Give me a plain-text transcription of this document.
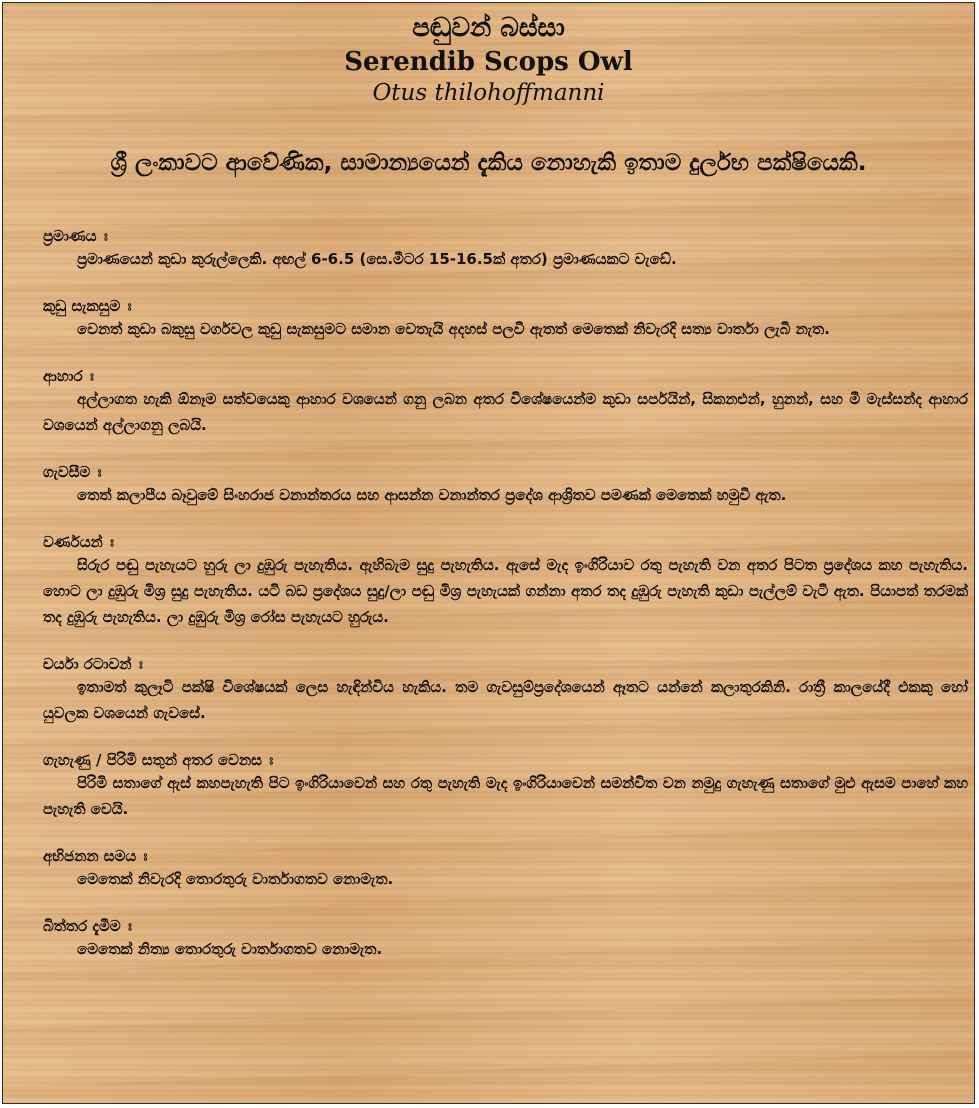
පඬුවන් බස්සා
Serendib Scops Owl
Otus thilohoffmanni
ශ්‍රී ලංකාවට ආවේණික, සාමාන්‍යයෙන් දැකිය නොහැකි ඉතාම දුර්ලභ පක්ෂියෙකි.
ප්‍රමාණය ඃ
ප්‍රමාණයෙන් කුඩා කුරුල්ලෙකි. අඟල් 6-6.5 (සෙ.මීටර 15-16.5ක් අතර) ප්‍රමාණයකට වැඩේ.
කුඩු සැකසුම ඃ
වෙනත් කුඩා බකුසු වර්ගවල කුඩු සැකසුමට සමාන වෙතැයි අදහස් පලවී ඇතත් මෙතෙක් නිවැරදි සත්‍ය වාර්තා ලැබී නැත.
ආහාර ඃ
අල්ලාගත හැකි ඕනෑම සත්වයෙකු ආහාර වශයෙන් ගනු ලබන අතර විශේෂයෙන්ම කුඩා සර්පයින්, සිකනළුන්, හුනන්, සහ මී මැස්සන්ද ආහාර වශයෙන් අල්ලාගනු ලබයි.
ගැවසීම ඃ
තෙත් කලාපීය බෑවුමේ සිංහරාජ වනාන්තරය සහ ආසන්න වනාන්තර ප්‍රදේශ ආශ්‍රිතව පමණක් මෙතෙක් හමුවී ඇත.
වර්ණයන් ඃ
සිරුර පඬු පැහැයට හුරු ලා දුඹුරු පැහැතිය. ඇහිබැම සුදු පැහැතිය. ඇසේ මැද ඉංගිරියාව රතු පැහැති වන අතර පිටත ප්‍රදේශය කහ පැහැතිය. හොට ලා දුඹුරු මිශ්‍ර සුදු පැහැතිය. යටි බඩ ප්‍රදේශය සුදු/ලා පඬු මිශ්‍ර පැහැයක් ගන්නා අතර තද දුඹුරු පැහැති කුඩා පැල්ලම් වැටී ඇත. පියාපත් තරමක් තද දුඹුරු පැහැතිය. ලා දුඹුරු මිශ්‍ර රෝස පැහැයට හුරුය.
චර්යා රටාවන් ඃ
ඉතාමත් කුලෑටි පක්ෂි විශේෂයක් ලෙස හැඳින්විය හැකිය. තම ගැවසුම්ප්‍රදේශයෙන් ඈතට යන්නේ කලාතුරකිනි. රාත්‍රී කාලයේදී එකකු හෝ යුවලක වශයෙන් ගැවසේ.
ගැහැණු / පිරිමි සතුන් අතර වෙනස ඃ
පිරිමි සතාගේ ඇස් කහපැහැති පිට ඉංගිරියාවෙන් සහ රතු පැහැති මැද ඉංගිරියාවෙන් සමන්විත වන නමුදු ගැහැණු සතාගේ මුළු ඇසම පාහේ කහ පැහැති වෙයි.
අභිජනන සමය ඃ
මෙතෙක් නිවැරදි තොරතුරු වාර්තාගතව නොමැත.
බිත්තර දැමීම ඃ
මෙතෙක් නිත්‍ය තොරතුරු වාර්තාගතව නොමැත.
